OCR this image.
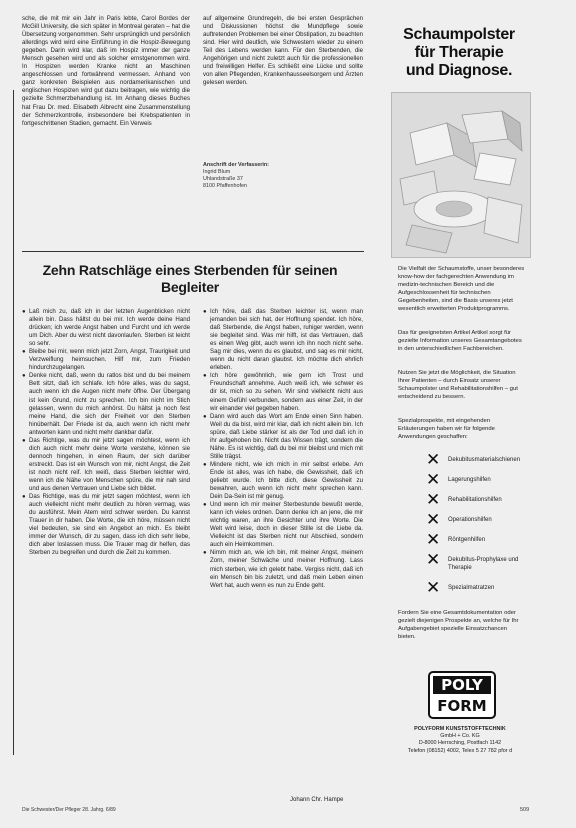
sche, die mit mir ein Jahr in Paris lebte, Carol Bordes der McGill University, die sich später in Montreal geraten – hat die Übersetzung vorgenommen. Sehr ursprünglich und persönlich allerdings wird wird eine Einführung in die Hospiz-Bewegung gegeben. Darin wird klar, daß im Hospiz immer der ganze Mensch gesehen wird und als solcher ernstgenommen wird. In Hospizen werden Kranke nicht an Maschinen angeschlossen und fortwährend vermessen. Anhand von ganz konkreten Beispielen aus nordamerikanischen und englischen Hospizen wird gut dazu beitragen, wie wichtig die gezielte Schmerzbehandlung ist. Im Anhang dieses Buches hat Frau Dr. med. Elisabeth Albrecht eine Zusammenstellung der Schmerzkontrolle, insbesondere bei Krebspatienten in fortgeschrittenen Stadien, gemacht. Ein Verweis
auf allgemeine Grundregeln, die bei ersten Gesprächen und Diskussionen höchst die Mundpflege sowie auftretenden Problemen bei einer Obstipation, zu beachten sind. Hier wird deutlich, wie Schwestern wieder zu einem Teil des Lebens werden kann. Für den Sterbenden, die Angehörigen und nicht zuletzt auch für die professionellen und freiwilligen Helfer. Es schließt eine Lücke und sollte von allen Pflegenden, Krankenhausseelsorgern und Ärzten gelesen werden.
Anschrift der Verfasserin:
Ingrid Blum
Uhlandstraße 37
8100 Pfaffenhofen
Zehn Ratschläge eines Sterbenden für seinen Begleiter

● Laß mich zu, daß ich in der letzten Augenblicken nicht allein bin. Dass hältst du bei mir. Ich werde deine Hand drücken; ich werde Angst haben und Furcht und ich werde um Dich. Aber du wirst nicht davonlaufen. Sterben ist leicht so sehr.

● Bleibe bei mir, wenn mich jetzt Zorn, Angst, Traurigkeit und Verzweiflung heimsuchen. Hilf mir, zum Frieden hindurchzugelangen.

● Denke nicht, daß, wenn du ratlos bist und du bei meinem Bett sitzt, daß ich schlafe. Ich höre alles, was du sagst, auch wenn ich die Augen nicht mehr öffne. Der Übergang ist kein Grund, nicht zu sprechen. Ich bin nicht im Stich gelassen, wenn du mich anhörst. Du hältst ja noch fest meine Hand, die sich der Freiheit vor den Sterben hinüberhält. Der Friede ist da, auch wenn ich nicht mehr antworten kann und nicht mehr dankbar dafür.

● Das Richtige, was du mir jetzt sagen möchtest, wenn ich dich auch nicht mehr deine Worte verstehe, können sie dennoch hingehen, in einen Raum, der sich darüber erstreckt. Das ist ein Wunsch von mir, nicht Angst, die Zeit ist noch nicht reif. Ich weiß, dass Sterben leichter wird, wenn ich die Nähe von Menschen spüre, die mir nah sind und aus denen Vertrauen und Liebe sich bildet.

● Das Richtige, was du mir jetzt sagen möchtest, wenn ich auch vielleicht nicht mehr deutlich zu hören vermag, was du ausführst. Mein Atem wird schwer werden. Du kannst Trauer in dir haben. Die Worte, die ich höre, müssen nicht viel bedeuten, sie sind ein Angebot an mich. Es bleibt immer der Wunsch, dir zu sagen, dass ich dich sehr liebe, dich aber loslassen muss. Die Trauer mag dir helfen, das Sterben zu begreifen und durch die Zeit zu kommen.

● Ich höre, daß das Sterben leichter ist, wenn man jemanden bei sich hat, der Hoffnung spendet. Ich höre, daß Sterbende, die Angst haben, ruhiger werden, wenn sie begleitet sind. Was mir hilft, ist das Vertrauen, daß es einen Weg gibt, auch wenn ich ihn noch nicht sehe. Sag mir dies, wenn du es glaubst, und sag es mir nicht, wenn du nicht daran glaubst. Ich möchte dich ehrlich erleben.

● Ich höre gewöhnlich, wie gern ich Trost und Freundschaft annehme. Auch weiß ich, wie schwer es dir ist, mich so zu sehen. Wir sind vielleicht nicht aus einem Gefühl verbunden, sondern aus einer Zeit, in der wir einander viel gegeben haben.

● Dann wird auch das Wort am Ende einen Sinn haben. Weil du da bist, wird mir klar, daß ich nicht allein bin. Ich spüre, daß Liebe stärker ist als der Tod und daß ich in ihr aufgehoben bin. Nicht das Wissen trägt, sondern die Nähe. Es ist wichtig, daß du bei mir bleibst und mich mit Stille trägst.

● Mindere nicht, wie ich mich in mir selbst erlebe. Am Ende ist alles, was ich habe, die Gewissheit, daß ich geliebt wurde. Ich bitte dich, diese Gewissheit zu bewahren, auch wenn ich nicht mehr sprechen kann. Dein Da-Sein ist mir genug.

● Und wenn ich mir meiner Sterbestunde bewußt werde, kann ich vieles ordnen. Dann denke ich an jene, die mir wichtig waren, an ihre Gesichter und ihre Worte. Die Welt wird leise, doch in dieser Stille ist die Liebe da. Vielleicht ist das Sterben nicht nur Abschied, sondern auch ein Heimkommen.

● Nimm mich an, wie ich bin, mit meiner Angst, meinem Zorn, meiner Schwäche und meiner Hoffnung. Lass mich sterben, wie ich gelebt habe. Vergiss nicht, daß ich ein Mensch bin bis zuletzt, und daß mein Leben einen Wert hat, auch wenn es nun zu Ende geht.

Johann Chr. Hampe
Schaumpolster
für Therapie
und Diagnose.
Die Vielfalt der Schaumstoffe, unser besonderes know-how der fachgerechten Anwendung im medizin-technischen Bereich und die Aufgeschlossenheit für technischen Gegebenheiten, sind die Basis unseres jetzt wesentlich erweiterten Produktprogramms.
Das für geeignetsten Artikel Artikel sorgt für gezielte Information unseres Gesamtangebotes in den unterschiedlichen Fachbereichen.
Nutzen Sie jetzt die Möglichkeit, die Situation Ihrer Patienten – durch Einsatz unserer Schaumpolster und Rehabilitationshilfen – gut entscheidend zu bessern.
Spezialprospekte, mit eingehenden Erläuterungen haben wir für folgende Anwendungen geschaffen:
✕ Dekubitusmaterialschienen
✕ Lagerungshilfen
✕ Rehabilitationshilfen
✕ Operationshilfen
✕ Röntgenhilfen
✕ Dekubitus-Prophylaxe und Therapie
✕ Spezialmatratzen
Fordern Sie eine Gesamtdokumentation oder gezielt diejenigen Prospekte an, welche für Ihr Aufgabengebiet spezielle Einsatzchancen bieten.
POLY
FORM
POLYFORM KUNSTSTOFFTECHNIK
GmbH + Co. KG
D-8000 Herrsching, Postfach 1142
Telefon (08152) 4002, Telex 5 27 782 pfor d
Die Schwester/Der Pfleger 28. Jahrg. 6/89	509
